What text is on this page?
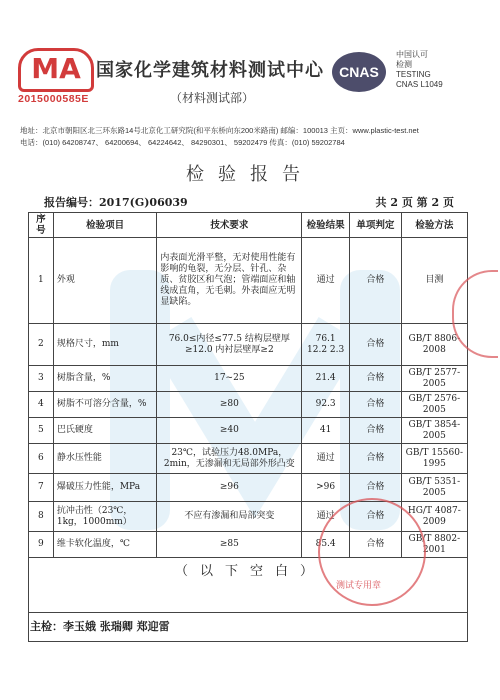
MA
2015000585E
国家化学建筑材料测试中心
（材料测试部）
CNAS
中国认可
检测
TESTING
CNAS L1049
地址：北京市朝阳区北三环东路14号北京化工研究院(和平东桥向东200米路南) 邮编：100013 主页：www.plastic-test.net
电话：(010) 64208747、 64200694、 64224642、 84290301、 59202479 传真：(010) 59202784
检验报告
报告编号：2017(G)06039	共 2 页 第 2 页
序号	检验项目	技术要求	检验结果	单项判定	检验方法
1	外观	内表面光滑平整，无对使用性能有影响的龟裂，无分层、针孔、杂质、贫胶区和气泡；管端面应和轴线成直角，无毛刺。外表面应无明显缺陷。	通过	合格	目测
2	规格尺寸，mm	76.0≤内径≤77.5 结构层壁厚≥12.0 内衬层壁厚≥2	76.1 12.2 2.3	合格	GB/T 8806-2008
3	树脂含量，%	17~25	21.4	合格	GB/T 2577-2005
4	树脂不可溶分含量，%	≥80	92.3	合格	GB/T 2576-2005
5	巴氏硬度	≥40	41	合格	GB/T 3854-2005
6	静水压性能	23℃，试验压力48.0MPa，2min，无渗漏和无局部外形凸变	通过	合格	GB/T 15560-1995
7	爆破压力性能，MPa	≥96	>96	合格	GB/T 5351-2005
8	抗冲击性（23℃，1kg，1000mm）	不应有渗漏和局部突变	通过	合格	HG/T 4087-2009
9	维卡软化温度，℃	≥85	85.4	合格	GB/T 8802-2001
（以下空白）
主检：李玉娥 张瑞卿 郑迎雷
测试专用章
